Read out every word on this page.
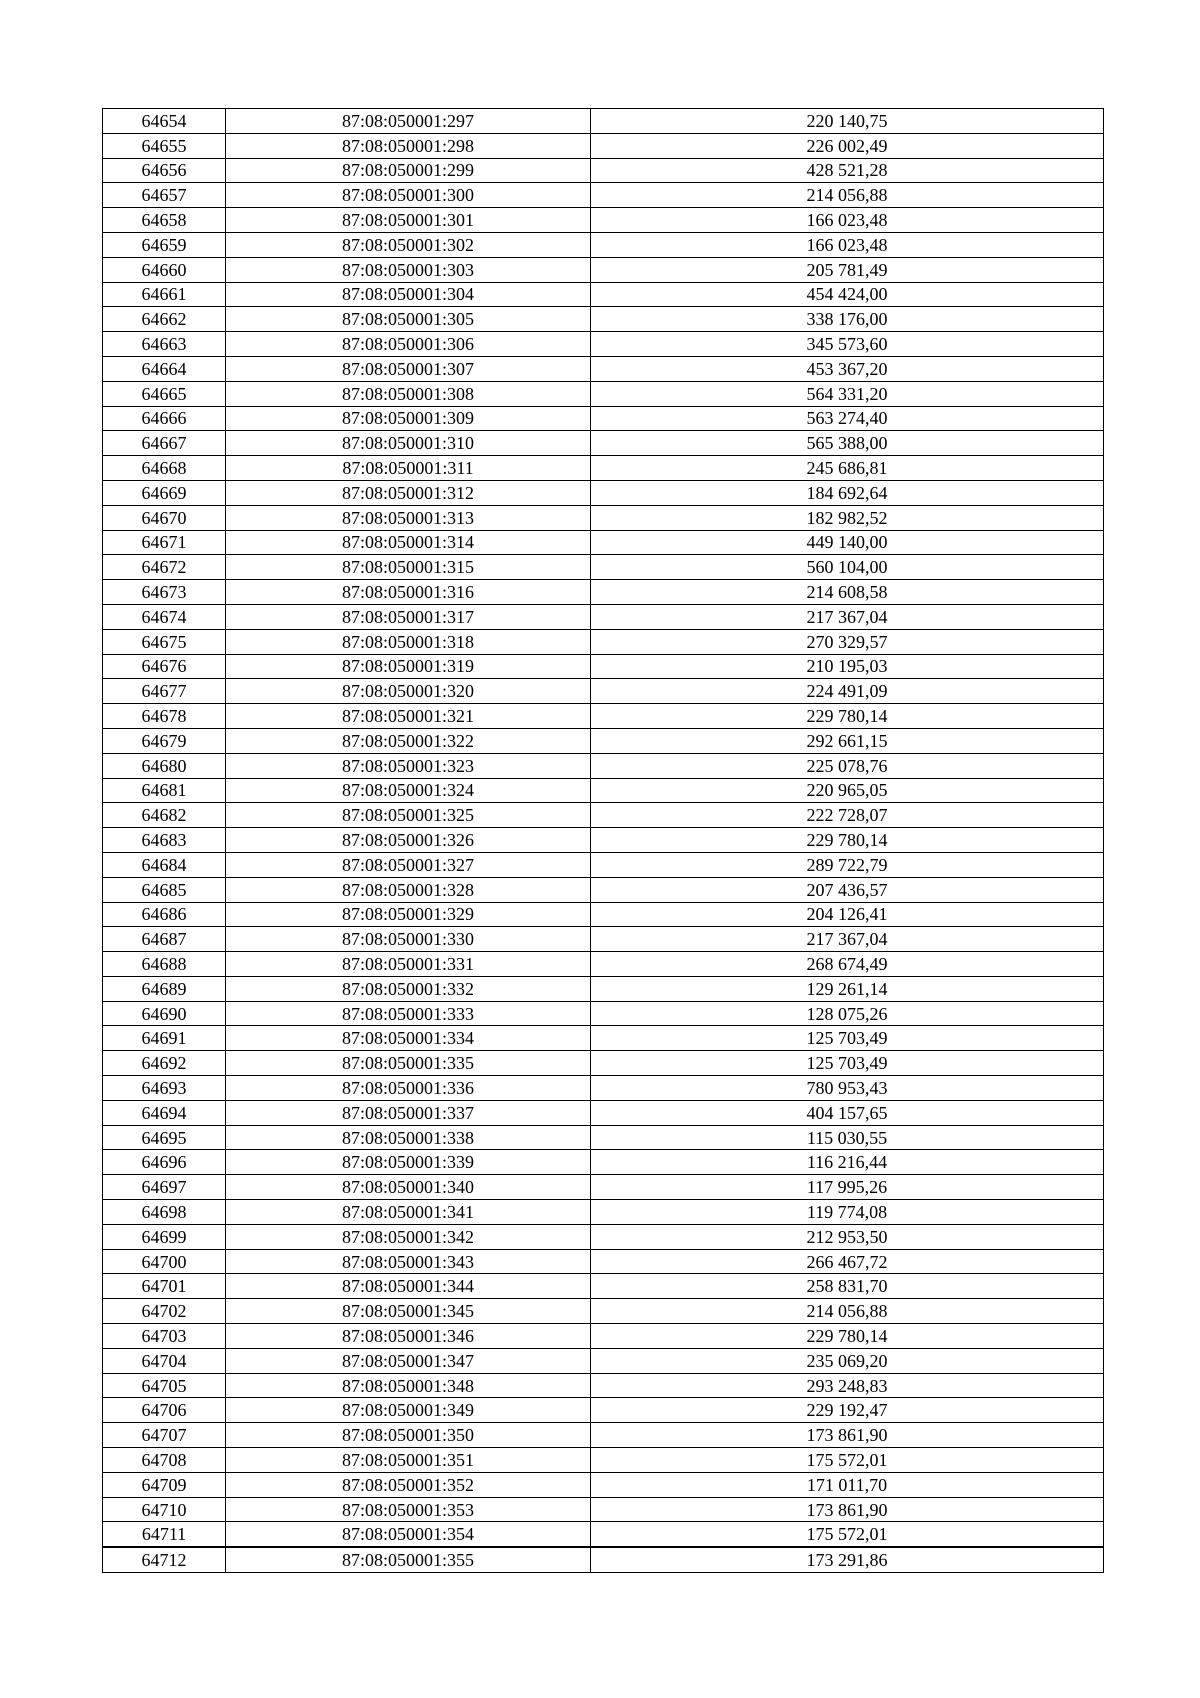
64654	87:08:050001:297	220 140,75
64655	87:08:050001:298	226 002,49
64656	87:08:050001:299	428 521,28
64657	87:08:050001:300	214 056,88
64658	87:08:050001:301	166 023,48
64659	87:08:050001:302	166 023,48
64660	87:08:050001:303	205 781,49
64661	87:08:050001:304	454 424,00
64662	87:08:050001:305	338 176,00
64663	87:08:050001:306	345 573,60
64664	87:08:050001:307	453 367,20
64665	87:08:050001:308	564 331,20
64666	87:08:050001:309	563 274,40
64667	87:08:050001:310	565 388,00
64668	87:08:050001:311	245 686,81
64669	87:08:050001:312	184 692,64
64670	87:08:050001:313	182 982,52
64671	87:08:050001:314	449 140,00
64672	87:08:050001:315	560 104,00
64673	87:08:050001:316	214 608,58
64674	87:08:050001:317	217 367,04
64675	87:08:050001:318	270 329,57
64676	87:08:050001:319	210 195,03
64677	87:08:050001:320	224 491,09
64678	87:08:050001:321	229 780,14
64679	87:08:050001:322	292 661,15
64680	87:08:050001:323	225 078,76
64681	87:08:050001:324	220 965,05
64682	87:08:050001:325	222 728,07
64683	87:08:050001:326	229 780,14
64684	87:08:050001:327	289 722,79
64685	87:08:050001:328	207 436,57
64686	87:08:050001:329	204 126,41
64687	87:08:050001:330	217 367,04
64688	87:08:050001:331	268 674,49
64689	87:08:050001:332	129 261,14
64690	87:08:050001:333	128 075,26
64691	87:08:050001:334	125 703,49
64692	87:08:050001:335	125 703,49
64693	87:08:050001:336	780 953,43
64694	87:08:050001:337	404 157,65
64695	87:08:050001:338	115 030,55
64696	87:08:050001:339	116 216,44
64697	87:08:050001:340	117 995,26
64698	87:08:050001:341	119 774,08
64699	87:08:050001:342	212 953,50
64700	87:08:050001:343	266 467,72
64701	87:08:050001:344	258 831,70
64702	87:08:050001:345	214 056,88
64703	87:08:050001:346	229 780,14
64704	87:08:050001:347	235 069,20
64705	87:08:050001:348	293 248,83
64706	87:08:050001:349	229 192,47
64707	87:08:050001:350	173 861,90
64708	87:08:050001:351	175 572,01
64709	87:08:050001:352	171 011,70
64710	87:08:050001:353	173 861,90
64711	87:08:050001:354	175 572,01
64712	87:08:050001:355	173 291,86
